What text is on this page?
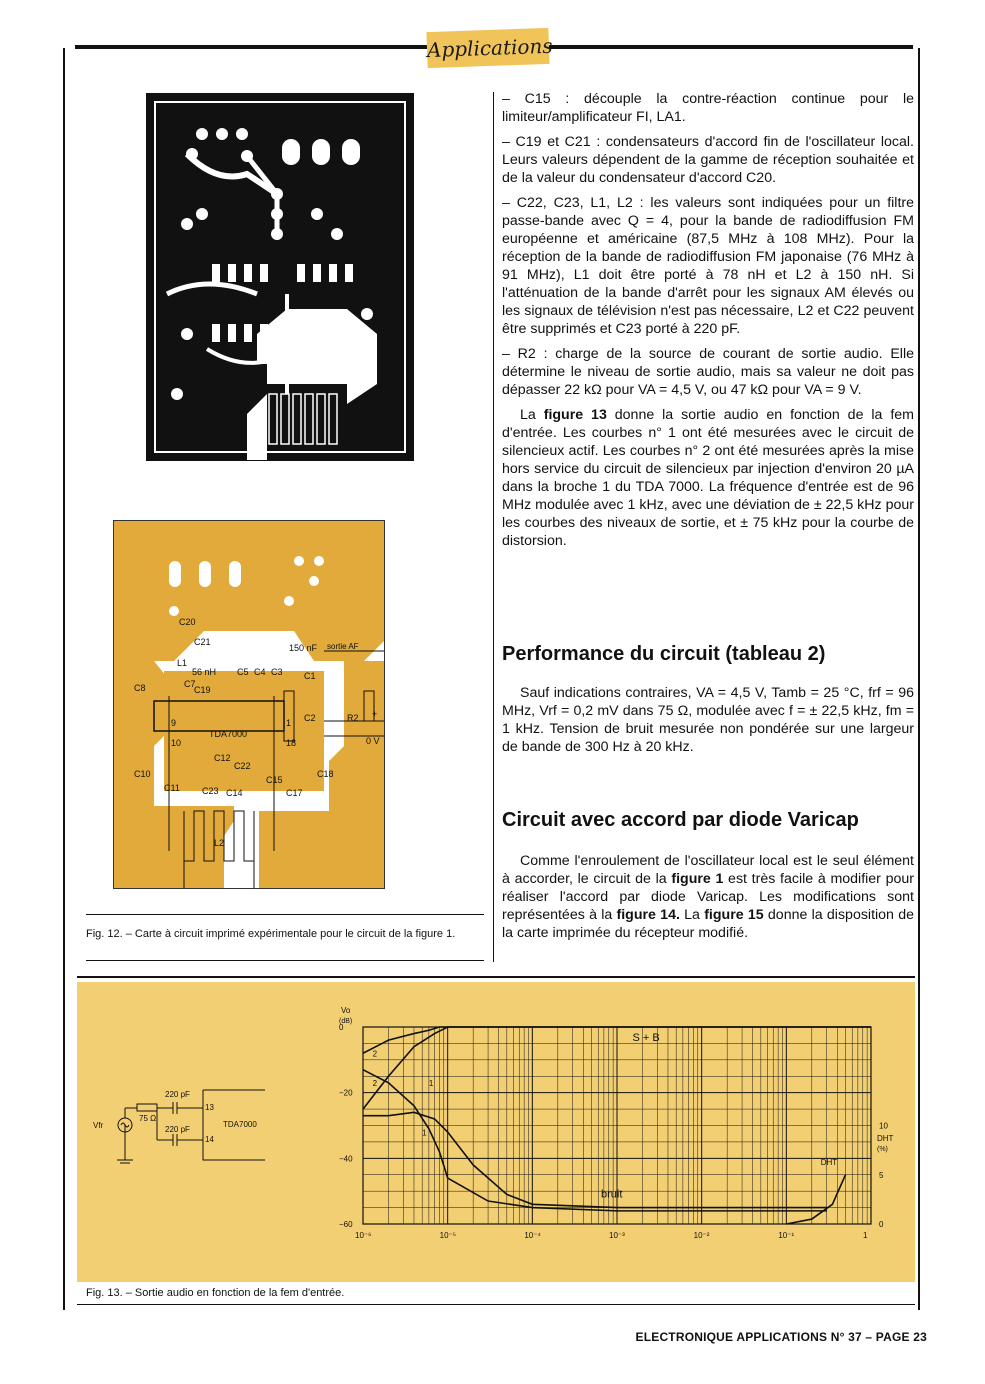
Applications
1
C20
C21
L1
56 nH
C7
C8	C19
C5 C4 C3 C1
C2	R2
150 nF sortie AF
+
0 V
9	1
10	18
TDA7000
C12
C22
C10
C11 C23 C14
C15
C17
C18
L2
Fig. 12. – Carte à circuit imprimé expérimentale pour le circuit de la figure 1.

– C15 : découple la contre-réaction continue pour le limiteur/amplificateur FI, LA1.

– C19 et C21 : condensateurs d'accord fin de l'oscillateur local. Leurs valeurs dépendent de la gamme de réception souhaitée et de la valeur du condensateur d'accord C20.

– C22, C23, L1, L2 : les valeurs sont indiquées pour un filtre passe-bande avec Q = 4, pour la bande de radiodiffusion FM européenne et américaine (87,5 MHz à 108 MHz). Pour la réception de la bande de radiodiffusion FM japonaise (76 MHz à 91 MHz), L1 doit être porté à 78 nH et L2 à 150 nH. Si l'atténuation de la bande d'arrêt pour les signaux AM élevés ou les signaux de télévision n'est pas nécessaire, L2 et C22 peuvent être supprimés et C23 porté à 220 pF.

– R2 : charge de la source de courant de sortie audio. Elle détermine le niveau de sortie audio, mais sa valeur ne doit pas dépasser 22 kΩ pour VA = 4,5 V, ou 47 kΩ pour VA = 9 V.

La figure 13 donne la sortie audio en fonction de la fem d'entrée. Les courbes n° 1 ont été mesurées avec le circuit de silencieux actif. Les courbes n° 2 ont été mesurées après la mise hors service du circuit de silencieux par injection d'environ 20 µA dans la broche 1 du TDA 7000. La fréquence d'entrée est de 96 MHz modulée avec 1 kHz, avec une déviation de ± 22,5 kHz pour les courbes des niveaux de sortie, et ± 75 kHz pour la courbe de distorsion.

Performance du circuit (tableau 2)

Sauf indications contraires, VA = 4,5 V, Tamb = 25 °C, frf = 96 MHz, Vrf = 0,2 mV dans 75 Ω, modulée avec f = ± 22,5 kHz, fm = 1 kHz. Tension de bruit mesurée non pondérée sur une largeur de bande de 300 Hz à 20 kHz.

Circuit avec accord par diode Varicap

Comme l'enroulement de l'oscillateur local est le seul élément à accorder, le circuit de la figure 1 est très facile à modifier pour réaliser l'accord par diode Varicap. Les modifications sont représentées à la figure 14. La figure 15 donne la disposition de la carte imprimée du récepteur modifié.

220 pF
220 pF
75 Ω
Vfr
13
14
TDA7000
10⁻⁶	10⁻⁵	10⁻⁴	10⁻³	10⁻²	10⁻¹	1
0
−20
−40
−60
10
5
0
Vo
(dB)
DHT
(%)
S + B
bruit
DHT
1
2
1
2
Fig. 13. – Sortie audio en fonction de la fem d'entrée.
ELECTRONIQUE APPLICATIONS N° 37 – PAGE 23
